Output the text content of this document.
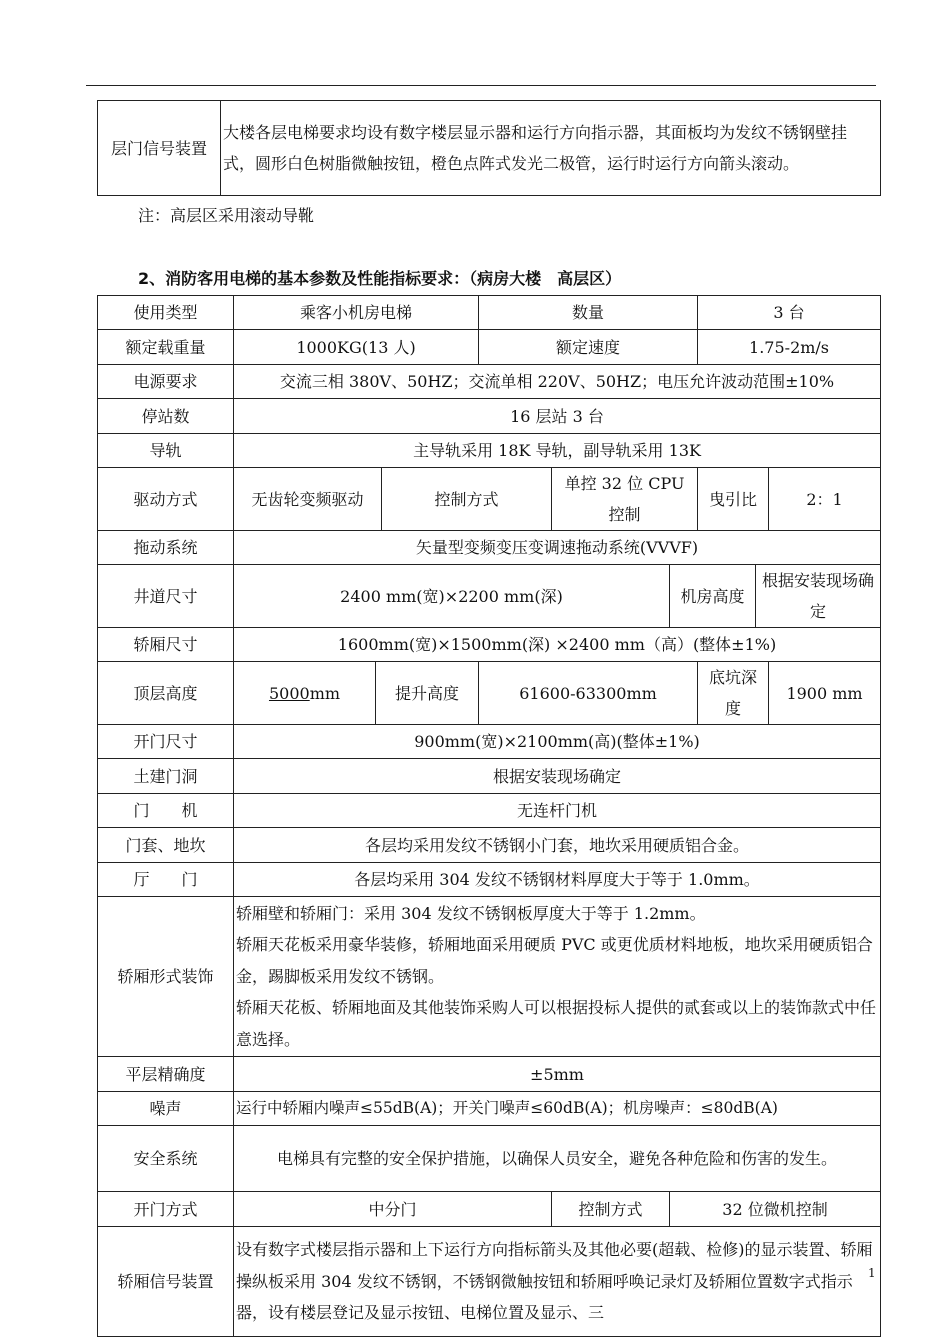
层门信号装置	大楼各层电梯要求均设有数字楼层显示器和运行方向指示器，其面板均为发纹不锈钢壁挂式，圆形白色树脂微触按钮，橙色点阵式发光二极管，运行时运行方向箭头滚动。
注：高层区采用滚动导靴
2、消防客用电梯的基本参数及性能指标要求：（病房大楼　高层区）
使用类型	乘客小机房电梯			数量			3 台		
额定载重量	1000KG(13 人)			额定速度			1.75-2m/s		
电源要求	交流三相 380V、50HZ；交流单相 220V、50HZ；电压允许波动范围±10%								
停站数	16 层站 3 台								
导轨	主导轨采用 18K 导轨，副导轨采用 13K								
驱动方式	无齿轮变频驱动		控制方式		单控 32 位 CPU 控制		曳引比		2：1
拖动系统	矢量型变频变压变调速拖动系统(VVVF)								
井道尺寸	2400 mm(宽)×2200 mm(深)					机房高度		根据安装现场确定	
轿厢尺寸	1600mm(宽)×1500mm(深) ×2400 mm（高）(整体±1%)								
顶层高度	5000mm	提升高度		61600-63300mm			底坑深度		1900 mm
开门尺寸	900mm(宽)×2100mm(高)(整体±1%)								
土建门洞	根据安装现场确定								
门　　机	无连杆门机								
门套、地坎	各层均采用发纹不锈钢小门套，地坎采用硬质铝合金。								
厅　　门	各层均采用 304 发纹不锈钢材料厚度大于等于 1.0mm。								
轿厢形式装饰	轿厢壁和轿厢门：采用 304 发纹不锈钢板厚度大于等于 1.2mm。
轿厢天花板采用豪华装修，轿厢地面采用硬质 PVC 或更优质材料地板，地坎采用硬质铝合金，踢脚板采用发纹不锈钢。
轿厢天花板、轿厢地面及其他装饰采购人可以根据投标人提供的贰套或以上的装饰款式中任意选择。								

平层精确度	±5mm								
噪声	运行中轿厢内噪声≤55dB(A)；开关门噪声≤60dB(A)；机房噪声：≤80dB(A)								
安全系统	电梯具有完整的安全保护措施，以确保人员安全，避免各种危险和伤害的发生。								
开门方式	中分门				控制方式	32 位微机控制			
轿厢信号装置	设有数字式楼层指示器和上下运行方向指标箭头及其他必要(超载、检修)的显示装置、轿厢操纵板采用 304 发纹不锈钢，不锈钢微触按钮和轿厢呼唤记录灯及轿厢位置数字式指示器，设有楼层登记及显示按钮、电梯位置及显示、三								
1
